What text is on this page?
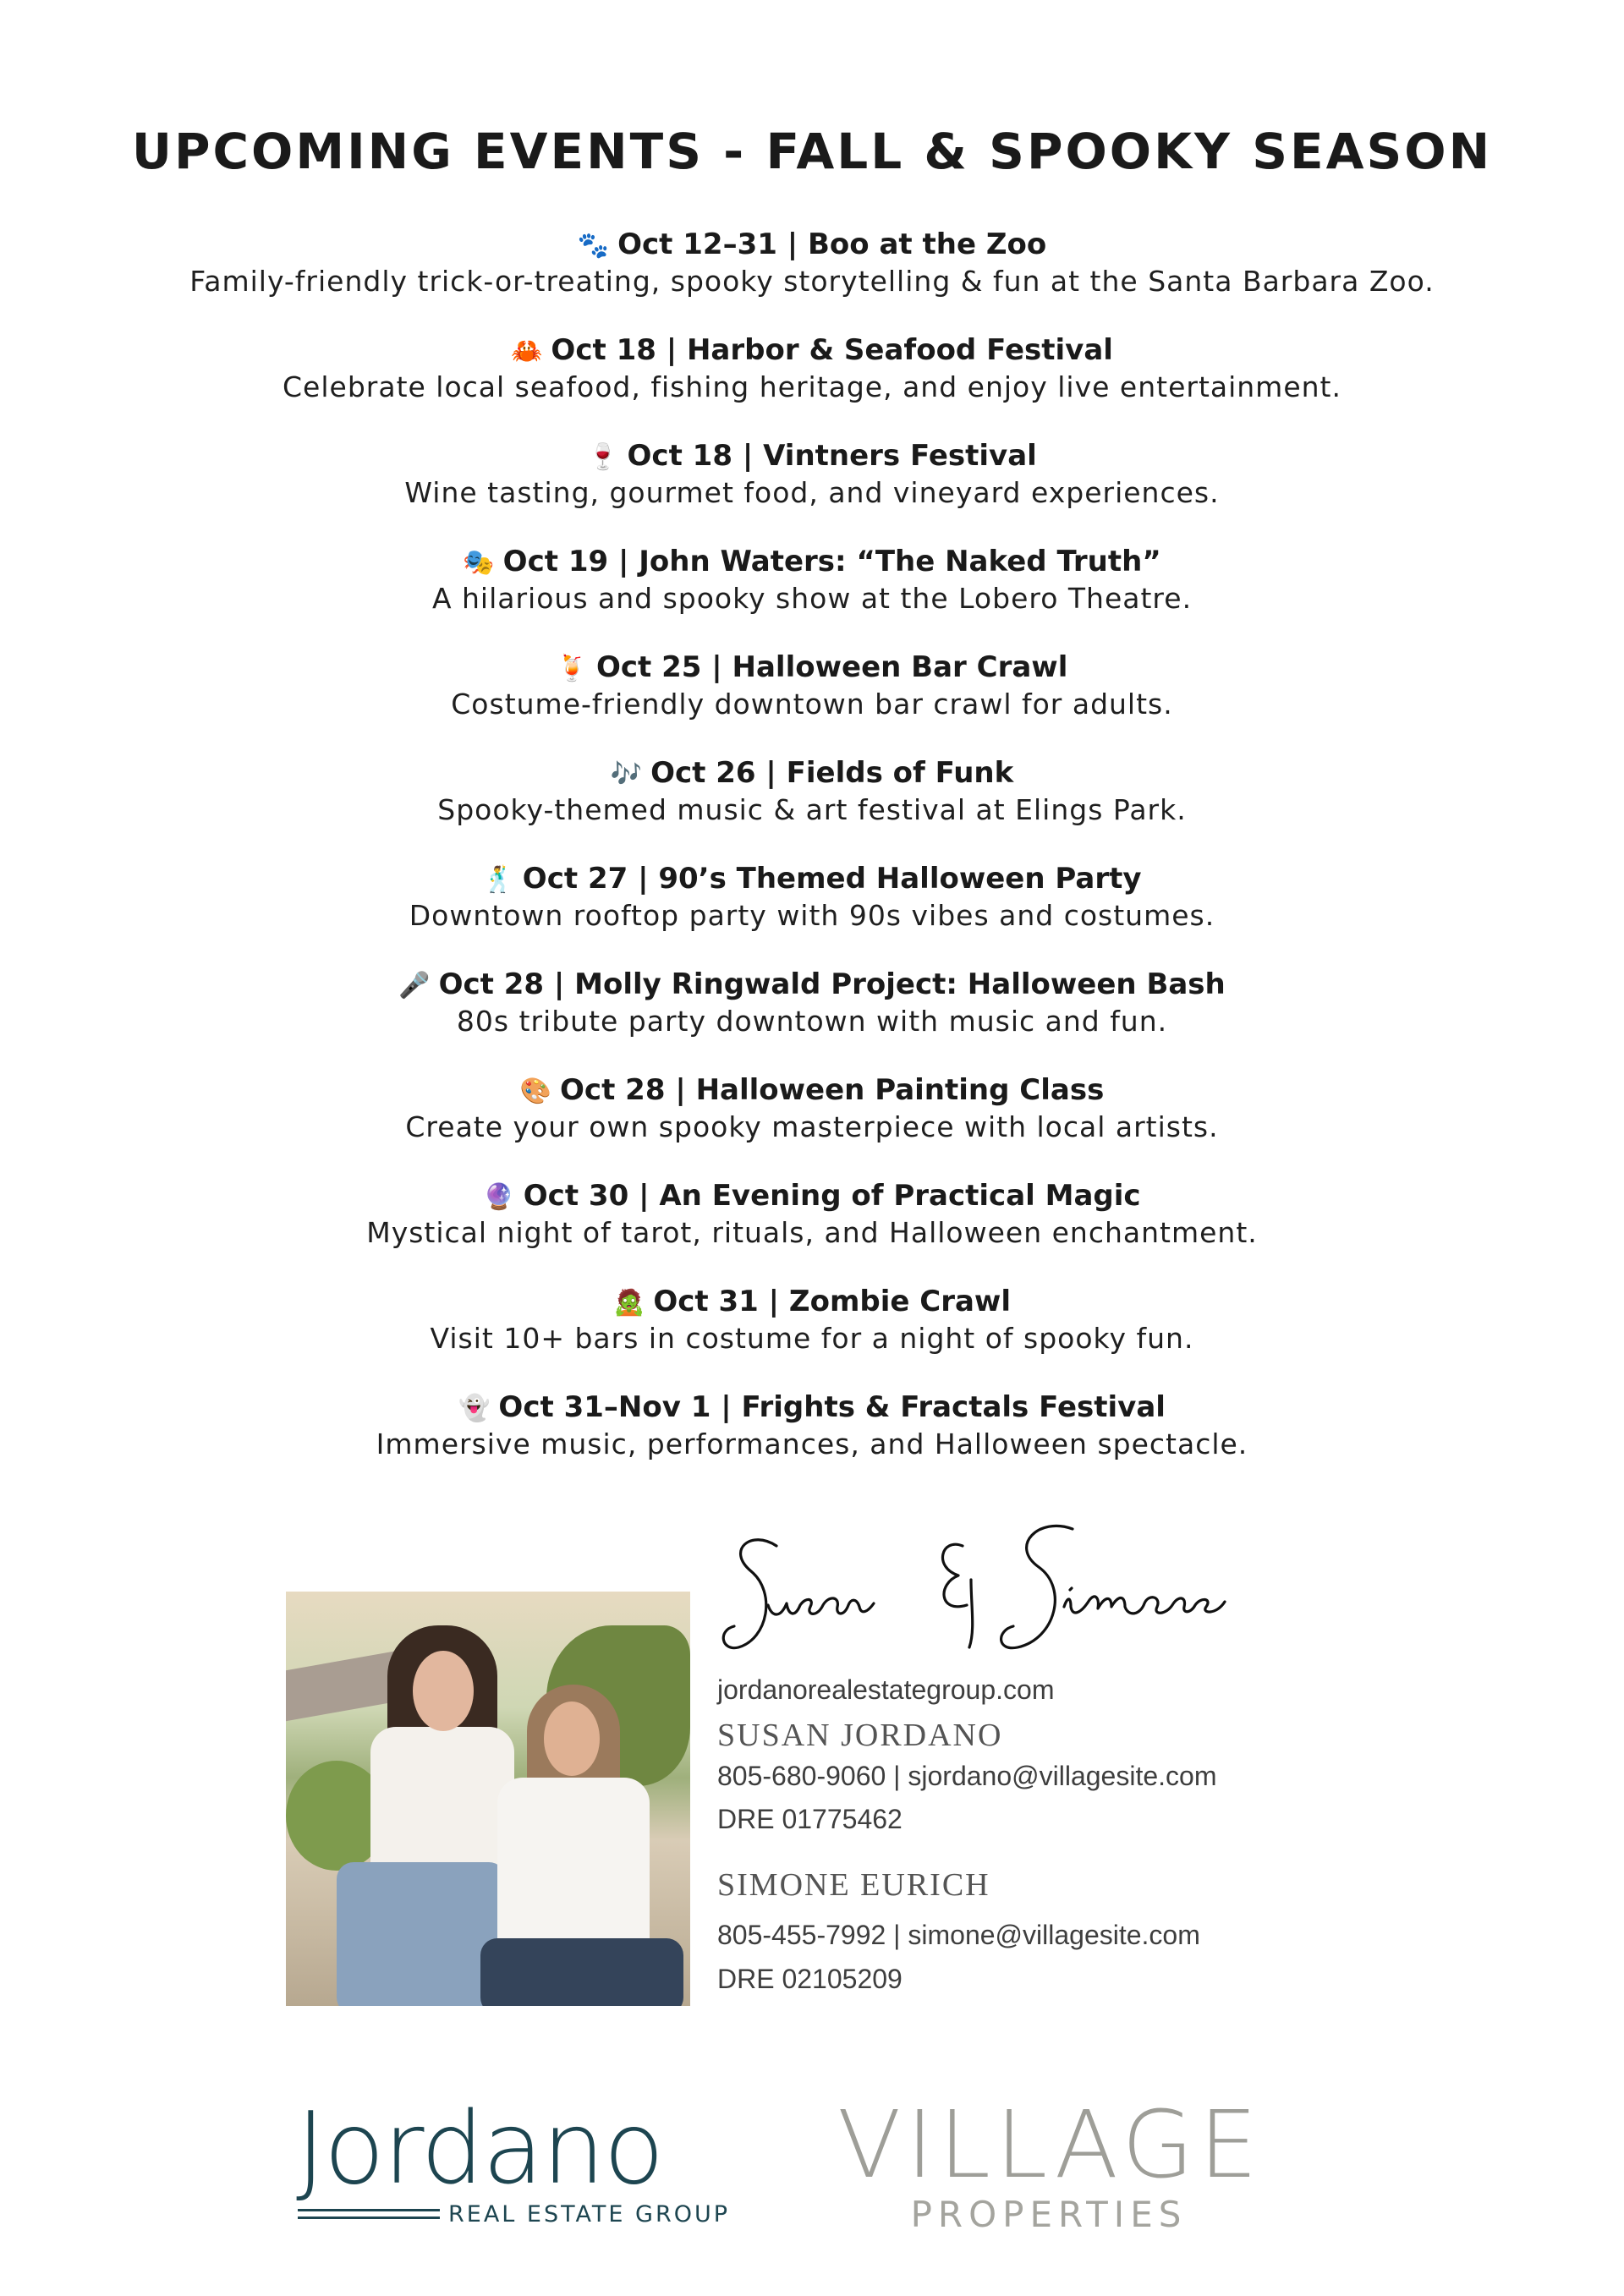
UPCOMING EVENTS - FALL & SPOOKY SEASON
🐾 Oct 12–31 | Boo at the Zoo
Family-friendly trick-or-treating, spooky storytelling & fun at the Santa Barbara Zoo.
🦀 Oct 18 | Harbor & Seafood Festival
Celebrate local seafood, fishing heritage, and enjoy live entertainment.
🍷 Oct 18 | Vintners Festival
Wine tasting, gourmet food, and vineyard experiences.
🎭 Oct 19 | John Waters: “The Naked Truth”
A hilarious and spooky show at the Lobero Theatre.
🍹 Oct 25 | Halloween Bar Crawl
Costume-friendly downtown bar crawl for adults.
🎶 Oct 26 | Fields of Funk
Spooky-themed music & art festival at Elings Park.
🕺 Oct 27 | 90’s Themed Halloween Party
Downtown rooftop party with 90s vibes and costumes.
🎤 Oct 28 | Molly Ringwald Project: Halloween Bash
80s tribute party downtown with music and fun.
🎨 Oct 28 | Halloween Painting Class
Create your own spooky masterpiece with local artists.
🔮 Oct 30 | An Evening of Practical Magic
Mystical night of tarot, rituals, and Halloween enchantment.
🧟 Oct 31 | Zombie Crawl
Visit 10+ bars in costume for a night of spooky fun.
👻 Oct 31–Nov 1 | Frights & Fractals Festival
Immersive music, performances, and Halloween spectacle.
Susan & Simone
jordanorealestategroup.com
SUSAN JORDANO
805-680-9060 | sjordano@villagesite.com
DRE 01775462
SIMONE EURICH
805-455-7992 | simone@villagesite.com
DRE 02105209
Jordano
REAL ESTATE GROUP
VILLAGE
PROPERTIES
